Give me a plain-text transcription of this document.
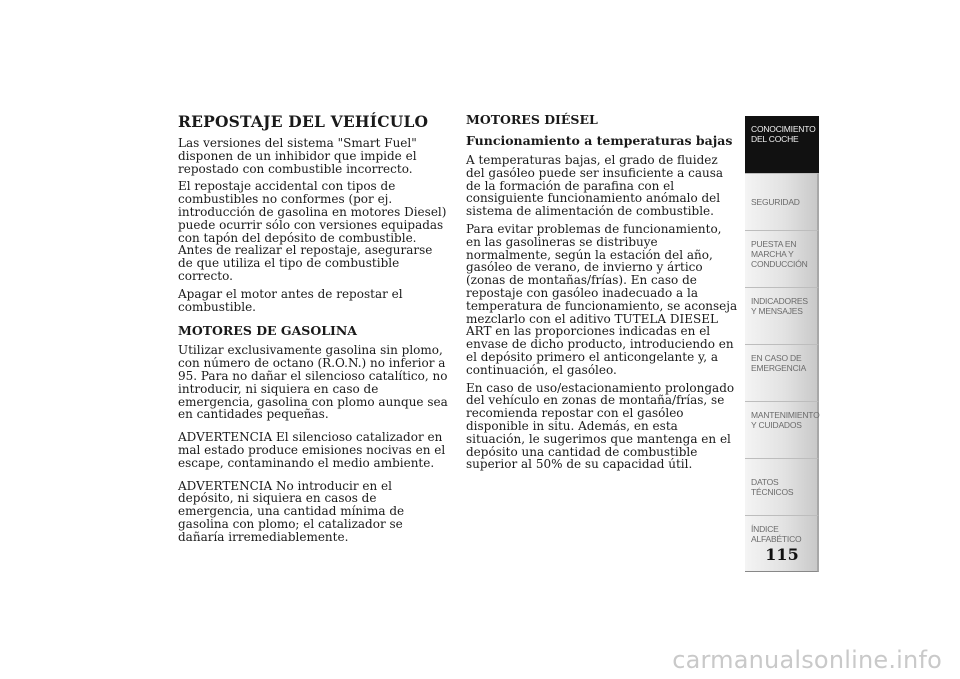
REPOSTAJE DEL VEHÍCULO

Las versiones del sistema "Smart Fuel" disponen de un inhibidor que impide el repostado con combustible incorrecto.

El repostaje accidental con tipos de combustibles no conformes (por ej. introducción de gasolina en motores Diesel) puede ocurrir sólo con versiones equipadas con tapón del depósito de combustible. Antes de realizar el repostaje, asegurarse de que utiliza el tipo de combustible correcto.

Apagar el motor antes de repostar el combustible.

MOTORES DE GASOLINA

Utilizar exclusivamente gasolina sin plomo, con número de octano (R.O.N.) no inferior a 95. Para no dañar el silencioso catalítico, no introducir, ni siquiera en caso de emergencia, gasolina con plomo aunque sea en cantidades pequeñas.

ADVERTENCIA El silencioso catalizador en mal estado produce emisiones nocivas en el escape, contaminando el medio ambiente.

ADVERTENCIA No introducir en el depósito, ni siquiera en casos de emergencia, una cantidad mínima de gasolina con plomo; el catalizador se dañaría irremediablemente.

MOTORES DIÉSEL
Funcionamiento a temperaturas bajas

A temperaturas bajas, el grado de fluidez del gasóleo puede ser insuficiente a causa de la formación de parafina con el consiguiente funcionamiento anómalo del sistema de alimentación de combustible.

Para evitar problemas de funcionamiento, en las gasolineras se distribuye normalmente, según la estación del año, gasóleo de verano, de invierno y ártico (zonas de montañas/frías). En caso de repostaje con gasóleo inadecuado a la temperatura de funcionamiento, se aconseja mezclarlo con el aditivo TUTELA DIESEL ART en las proporciones indicadas en el envase de dicho producto, introduciendo en el depósito primero el anticongelante y, a continuación, el gasóleo.

En caso de uso/estacionamiento prolongado del vehículo en zonas de montaña/frías, se recomienda repostar con el gasóleo disponible in situ. Además, en esta situación, le sugerimos que mantenga en el depósito una cantidad de combustible superior al 50% de su capacidad útil.

CONOCIMIENTO DEL COCHE
SEGURIDAD
PUESTA EN MARCHA Y CONDUCCIÓN
INDICADORES Y MENSAJES
EN CASO DE EMERGENCIA
MANTENIMIENTO Y CUIDADOS
DATOS TÉCNICOS
ÍNDICE ALFABÉTICO
115
carmanualsonline.info
